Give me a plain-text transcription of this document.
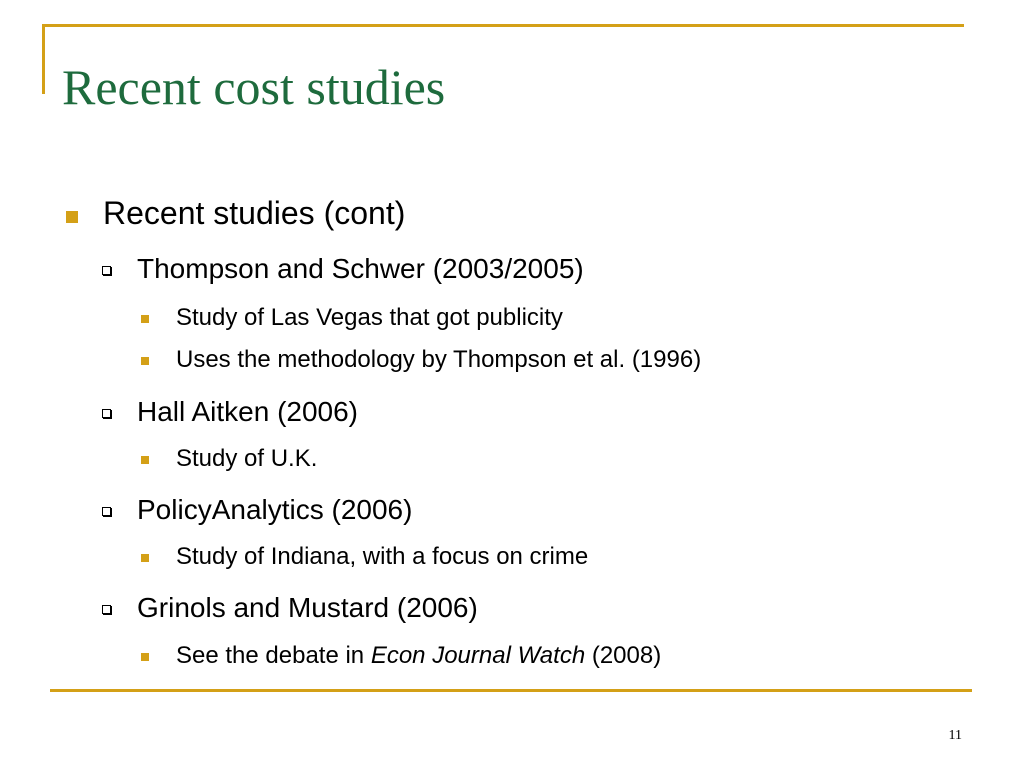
Recent cost studies
Recent studies (cont)
Thompson and Schwer (2003/2005)
Study of Las Vegas that got publicity
Uses the methodology by Thompson et al. (1996)
Hall Aitken (2006)
Study of U.K.
PolicyAnalytics (2006)
Study of Indiana, with a focus on crime
Grinols and Mustard (2006)
See the debate in Econ Journal Watch (2008)
11
